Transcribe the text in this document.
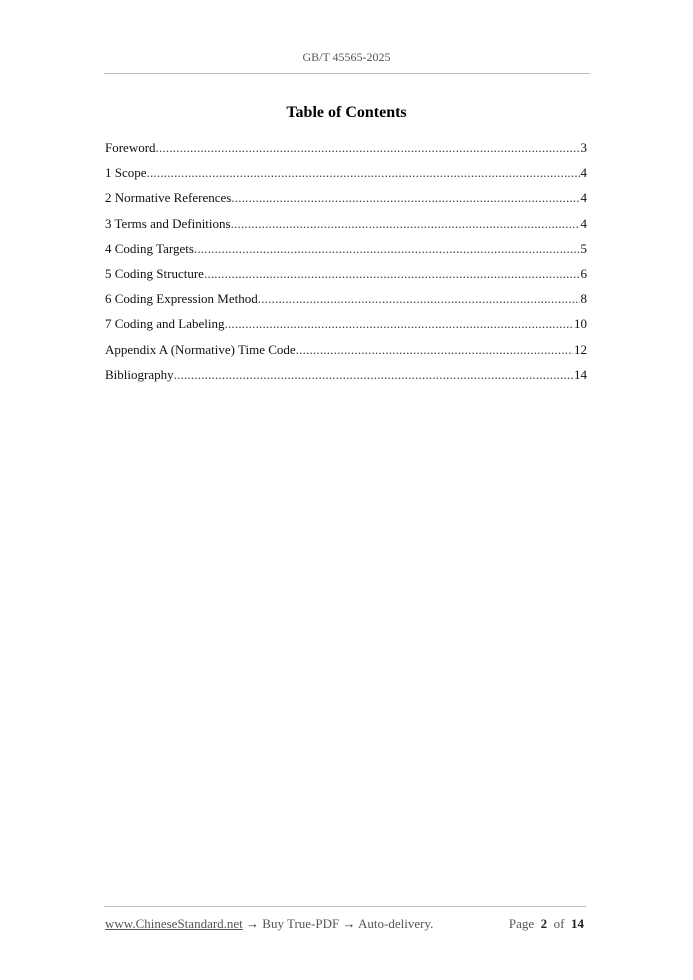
GB/T 45565-2025
Table of Contents
Foreword .....	3
1 Scope .....	4
2 Normative References .....	4
3 Terms and Definitions .....	4
4 Coding Targets .....	5
5 Coding Structure .....	6
6 Coding Expression Method .....	8
7 Coding and Labeling .....	10
Appendix A (Normative) Time Code .....	12
Bibliography .....	14
www.ChineseStandard.net → Buy True-PDF → Auto-delivery.	Page 2 of 14
